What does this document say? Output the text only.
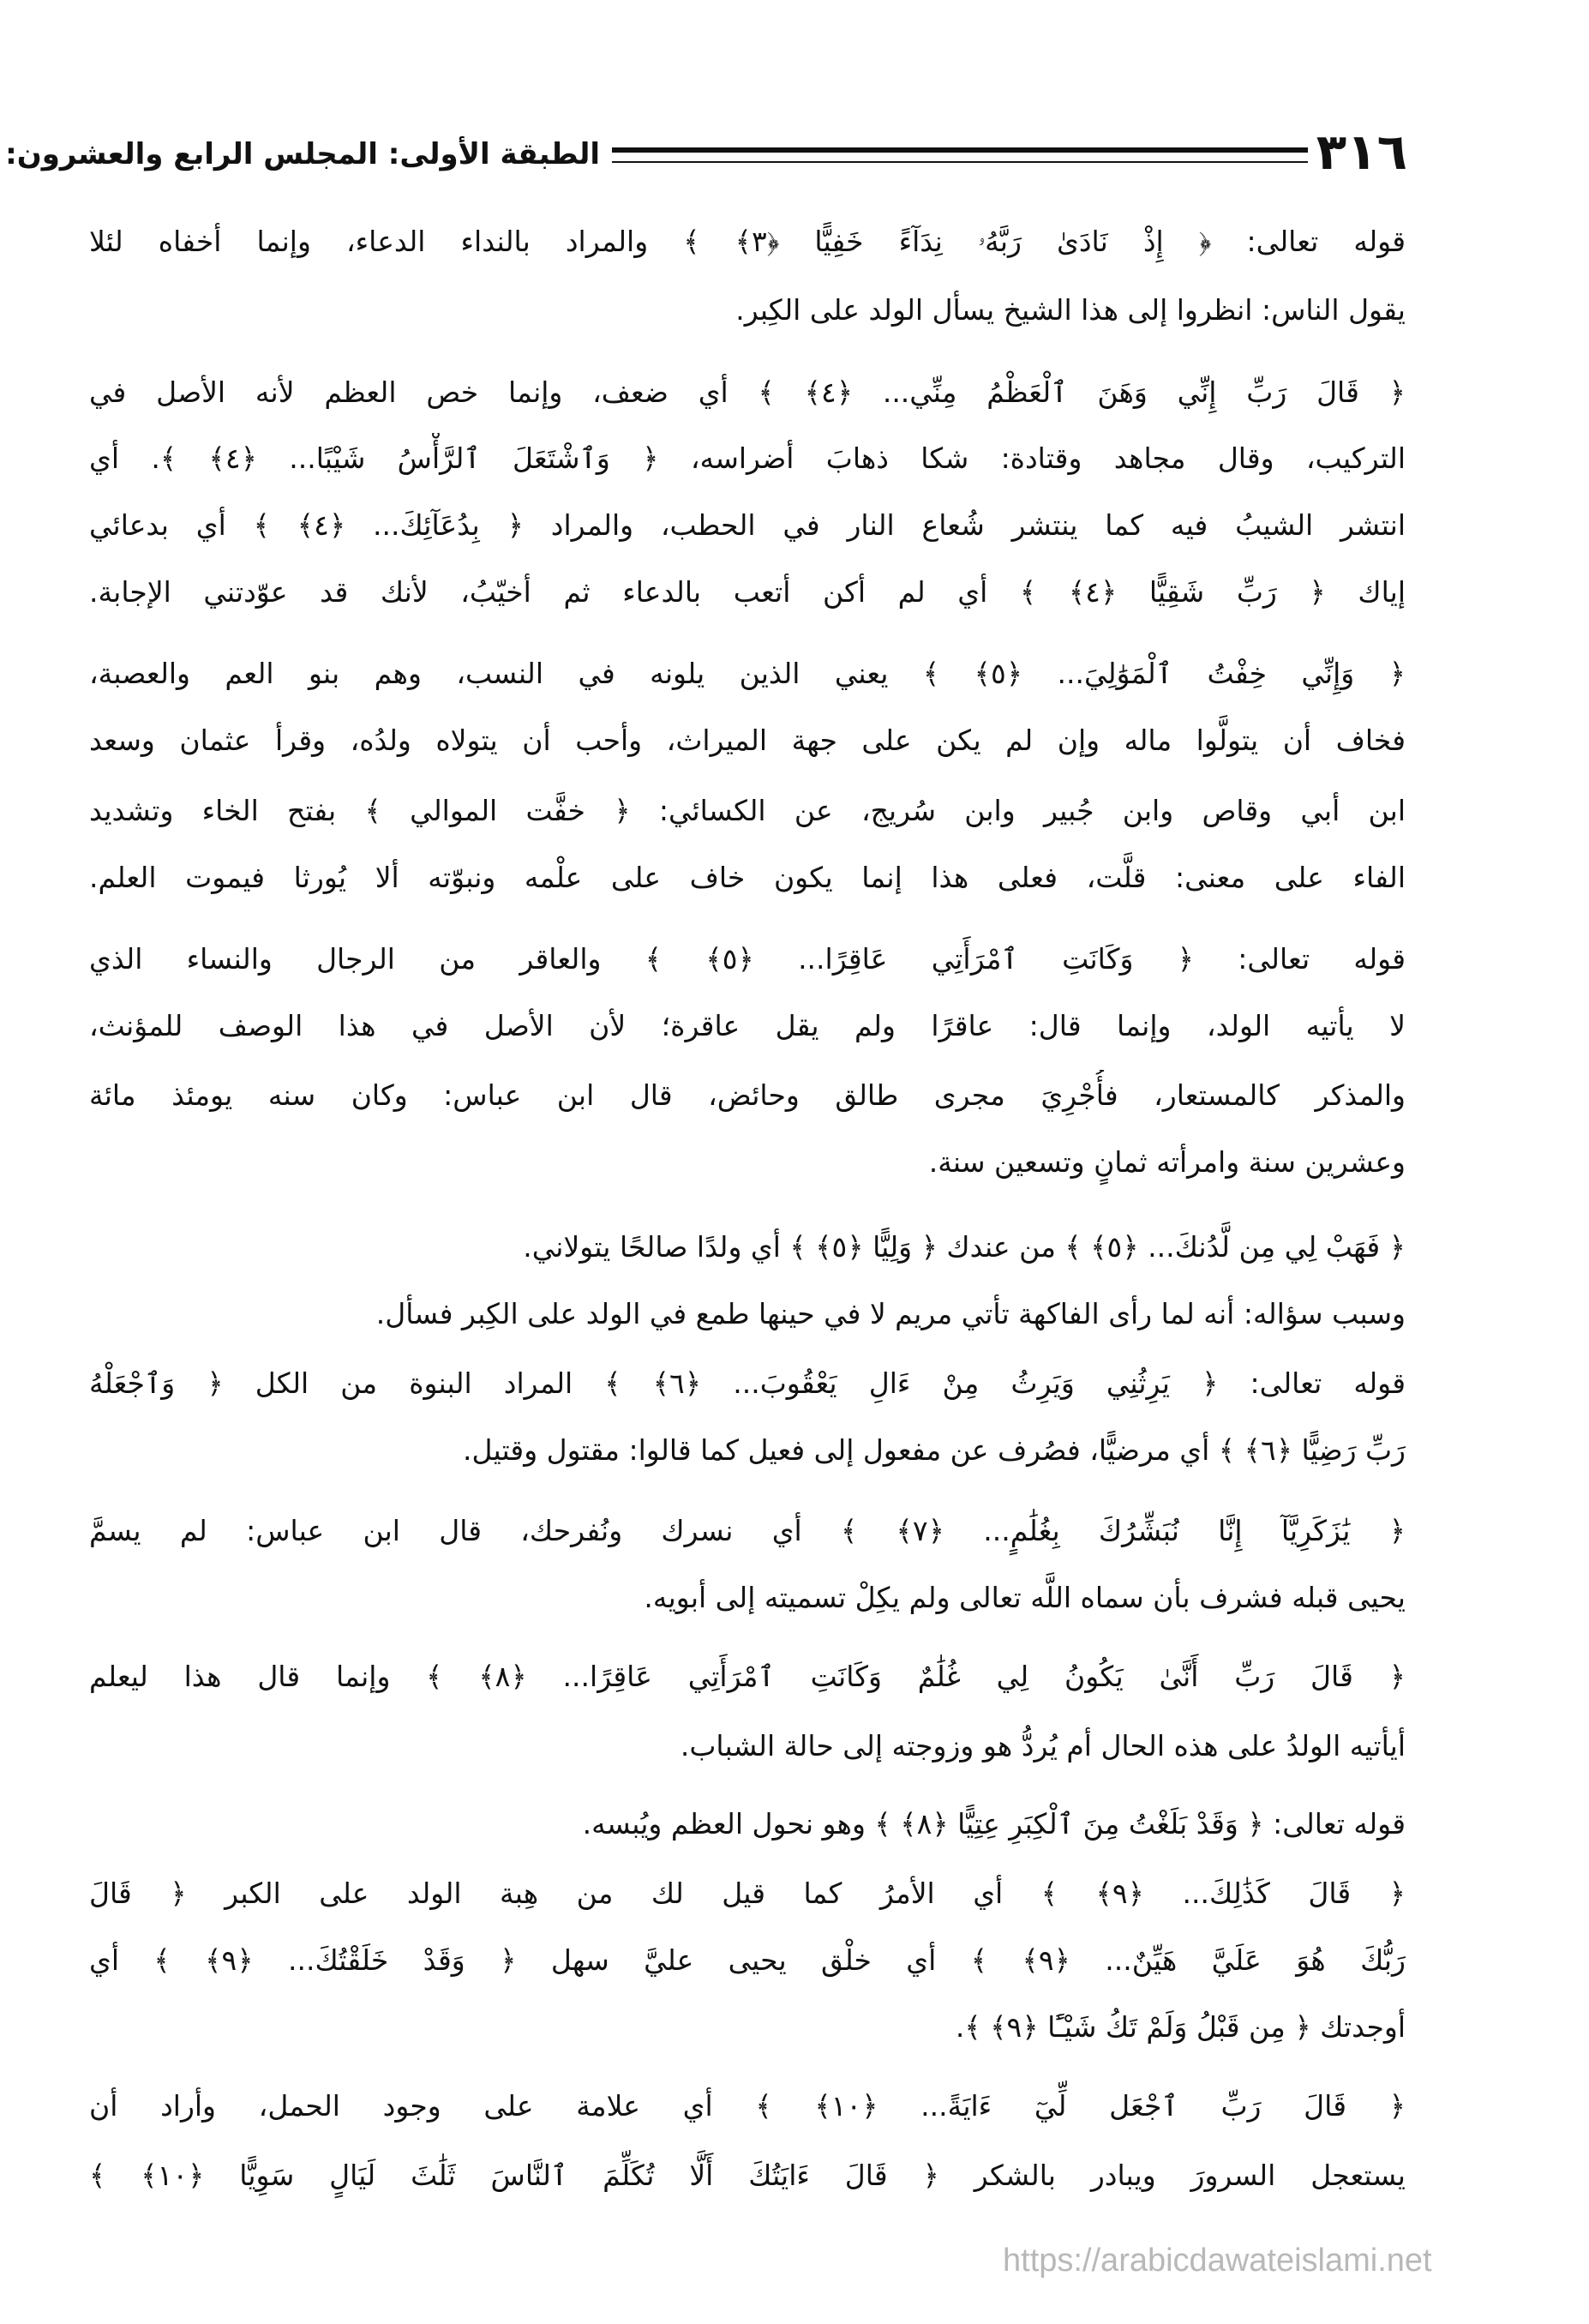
٣١٦
الطبقة الأولى: المجلس الرابع والعشرون:
قوله تعالى: ﴿ إِذْ نَادَىٰ رَبَّهُۥ نِدَآءً خَفِيًّا ﴿٣﴾ ﴾ والمراد بالنداء الدعاء، وإنما أخفاه لئلا
يقول الناس: انظروا إلى هذا الشيخ يسأل الولد على الكِبر.
﴿ قَالَ رَبِّ إِنِّي وَهَنَ ٱلْعَظْمُ مِنِّي... ﴿٤﴾ ﴾ أي ضعف، وإنما خص العظم لأنه الأصل في
التركيب، وقال مجاهد وقتادة: شكا ذهابَ أضراسه، ﴿ وَٱشْتَعَلَ ٱلرَّأْسُ شَيْبًا... ﴿٤﴾ ﴾. أي
انتشر الشيبُ فيه كما ينتشر شُعاع النار في الحطب، والمراد ﴿ بِدُعَآئِكَ... ﴿٤﴾ ﴾ أي بدعائي
إياك ﴿ رَبِّ شَقِيًّا ﴿٤﴾ ﴾ أي لم أكن أتعب بالدعاء ثم أخيّبُ، لأنك قد عوّدتني الإجابة.
﴿ وَإِنِّي خِفْتُ ٱلْمَوَٰلِيَ... ﴿٥﴾ ﴾ يعني الذين يلونه في النسب، وهم بنو العم والعصبة،
فخاف أن يتولَّوا ماله وإن لم يكن على جهة الميراث، وأحب أن يتولاه ولدُه، وقرأ عثمان وسعد
ابن أبي وقاص وابن جُبير وابن سُريج، عن الكسائي: ﴿ خفَّت الموالي ﴾ بفتح الخاء وتشديد
الفاء على معنى: قلَّت، فعلى هذا إنما يكون خاف على علْمه ونبوّته ألا يُورثا فيموت العلم.
قوله تعالى: ﴿ وَكَانَتِ ٱمْرَأَتِي عَاقِرًا... ﴿٥﴾ ﴾ والعاقر من الرجال والنساء الذي
لا يأتيه الولد، وإنما قال: عاقرًا ولم يقل عاقرة؛ لأن الأصل في هذا الوصف للمؤنث،
والمذكر كالمستعار، فأُجْرِيَ مجرى طالق وحائض، قال ابن عباس: وكان سنه يومئذ مائة
وعشرين سنة وامرأته ثمانٍ وتسعين سنة.
﴿ فَهَبْ لِي مِن لَّدُنكَ... ﴿٥﴾ ﴾ من عندك ﴿ وَلِيًّا ﴿٥﴾ ﴾ أي ولدًا صالحًا يتولاني.
وسبب سؤاله: أنه لما رأى الفاكهة تأتي مريم لا في حينها طمع في الولد على الكِبر فسأل.
قوله تعالى: ﴿ يَرِثُنِي وَيَرِثُ مِنْ ءَالِ يَعْقُوبَ... ﴿٦﴾ ﴾ المراد البنوة من الكل ﴿ وَٱجْعَلْهُ
رَبِّ رَضِيًّا ﴿٦﴾ ﴾ أي مرضيًّا، فصُرف عن مفعول إلى فعيل كما قالوا: مقتول وقتيل.
﴿ يَٰزَكَرِيَّآ إِنَّا نُبَشِّرُكَ بِغُلَٰمٍ... ﴿٧﴾ ﴾ أي نسرك ونُفرحك، قال ابن عباس: لم يسمَّ
يحيى قبله فشرف بأن سماه اللَّه تعالى ولم يكِلْ تسميته إلى أبويه.
﴿ قَالَ رَبِّ أَنَّىٰ يَكُونُ لِي غُلَٰمٌ وَكَانَتِ ٱمْرَأَتِي عَاقِرًا... ﴿٨﴾ ﴾ وإنما قال هذا ليعلم
أيأتيه الولدُ على هذه الحال أم يُردُّ هو وزوجته إلى حالة الشباب.
قوله تعالى: ﴿ وَقَدْ بَلَغْتُ مِنَ ٱلْكِبَرِ عِتِيًّا ﴿٨﴾ ﴾ وهو نحول العظم ويُبسه.
﴿ قَالَ كَذَٰلِكَ... ﴿٩﴾ ﴾ أي الأمرُ كما قيل لك من هِبة الولد على الكبر ﴿ قَالَ
رَبُّكَ هُوَ عَلَيَّ هَيِّنٌ... ﴿٩﴾ ﴾ أي خلْق يحيى عليَّ سهل ﴿ وَقَدْ خَلَقْتُكَ... ﴿٩﴾ ﴾ أي
أوجدتك ﴿ مِن قَبْلُ وَلَمْ تَكُ شَيْـًٔا ﴿٩﴾ ﴾.
﴿ قَالَ رَبِّ ٱجْعَل لِّيٓ ءَايَةً... ﴿١٠﴾ ﴾ أي علامة على وجود الحمل، وأراد أن
يستعجل السرورَ ويبادر بالشكر ﴿ قَالَ ءَايَتُكَ أَلَّا تُكَلِّمَ ٱلنَّاسَ ثَلَٰثَ لَيَالٍ سَوِيًّا ﴿١٠﴾ ﴾
https://arabicdawateislami.net
